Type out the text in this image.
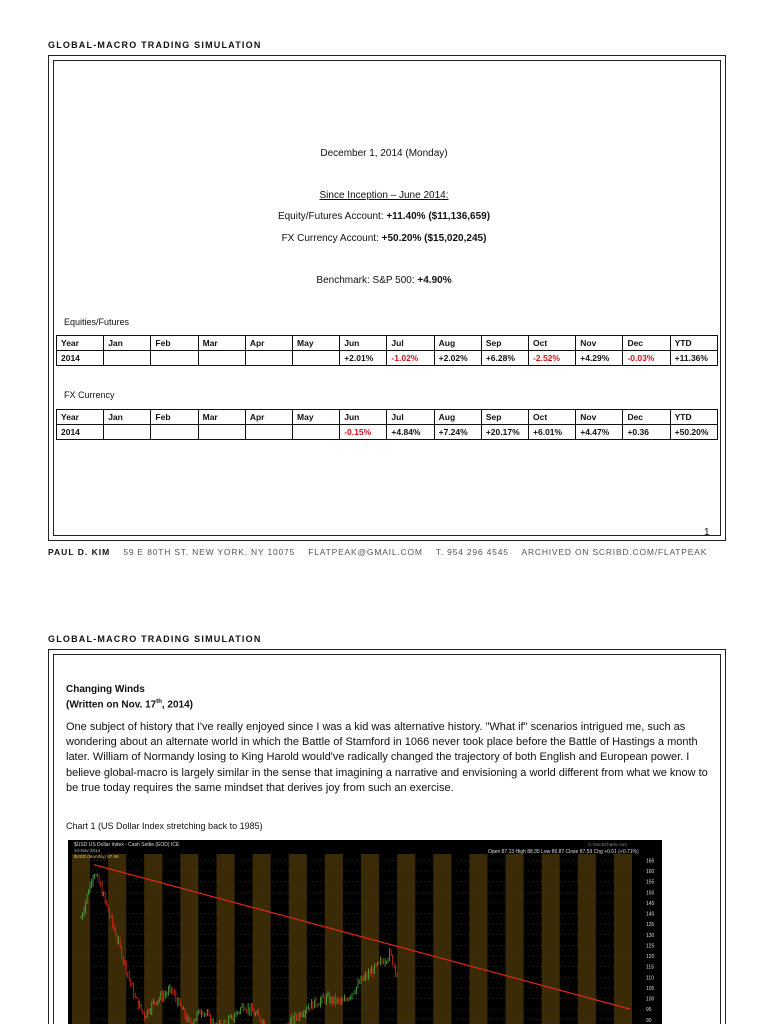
GLOBAL-MACRO TRADING SIMULATION
December 1, 2014 (Monday)
Since Inception – June 2014:
Equity/Futures Account: +11.40% ($11,136,659)
FX Currency Account: +50.20% ($15,020,245)
Benchmark: S&P 500: +4.90%
Equities/Futures
Year	Jan	Feb	Mar	Apr	May	Jun	Jul	Aug	Sep	Oct	Nov	Dec	YTD
2014						+2.01%	-1.02%	+2.02%	+6.28%	-2.52%	+4.29%	-0.03%	+11.36%
FX Currency
Year	Jan	Feb	Mar	Apr	May	Jun	Jul	Aug	Sep	Oct	Nov	Dec	YTD
2014						-0.15%	+4.84%	+7.24%	+20.17%	+6.01%	+4.47%	+0.36	+50.20%
1
PAUL D. KIM 59 E 80TH ST. NEW YORK, NY 10075 FLATPEAK@GMAIL.COM T. 954 296 4545 ARCHIVED ON SCRIBD.COM/FLATPEAK
GLOBAL-MACRO TRADING SIMULATION
Changing Winds
(Written on Nov. 17th, 2014)
One subject of history that I've really enjoyed since I was a kid was alternative history. "What if" scenarios intrigued me, such as wondering about an alternate world in which the Battle of Stamford in 1066 never took place before the Battle of Hastings a month later. William of Normandy losing to King Harold would've radically changed the trajectory of both English and European power. I believe global-macro is largely similar in the sense that imagining a narrative and envisioning a world different from what we know to be true today requires the same mindset that derives joy from such an exercise.
Chart 1 (US Dollar Index stretching back to 1985)
165
160
155
150
145
140
135
130
125
120
115
110
105
100
95
90
$USD US Dollar Index - Cash Settle (EOD) ICE
14-Nov-2014
$USD (Monthly) 87.59
Open 87.13 High 88.35 Low 86.87 Close 87.59 Chg +0.61 (+0.71%)
© StockCharts.com
